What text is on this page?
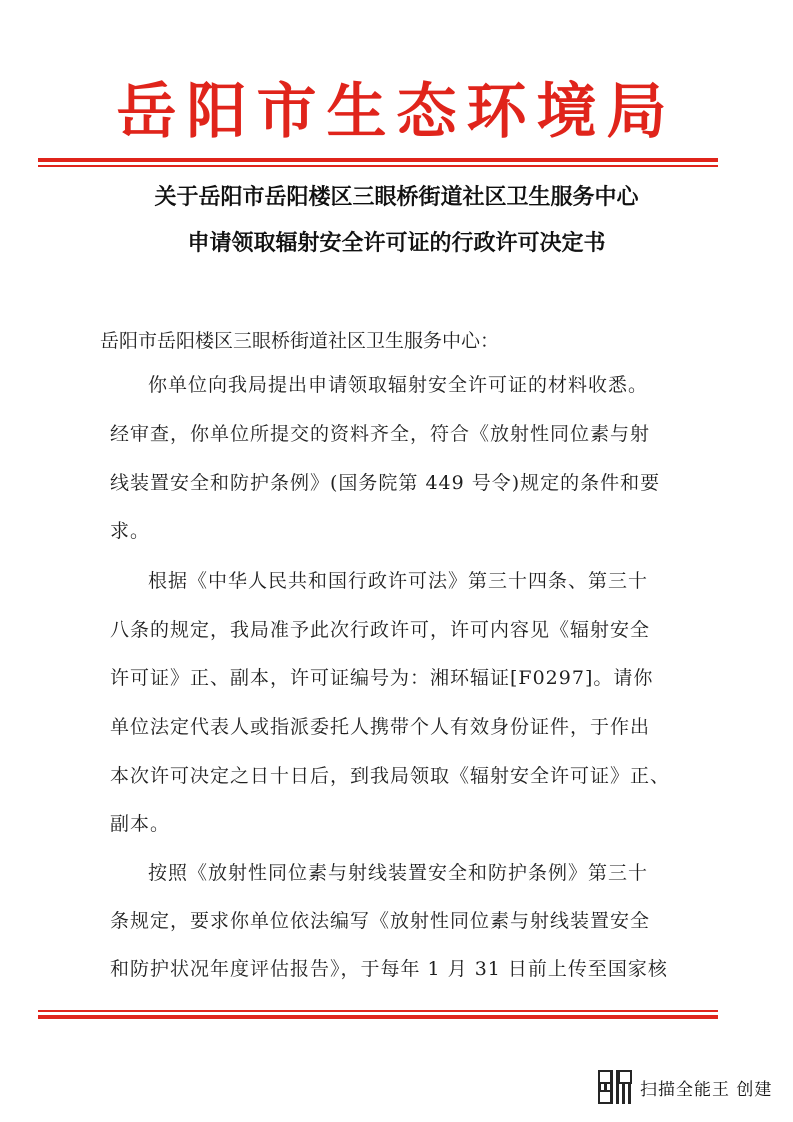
岳阳市生态环境局
关于岳阳市岳阳楼区三眼桥街道社区卫生服务中心
申请领取辐射安全许可证的行政许可决定书
岳阳市岳阳楼区三眼桥街道社区卫生服务中心：
你单位向我局提出申请领取辐射安全许可证的材料收悉。
经审查，你单位所提交的资料齐全，符合《放射性同位素与射
线装置安全和防护条例》(国务院第 449 号令)规定的条件和要
求。
根据《中华人民共和国行政许可法》第三十四条、第三十
八条的规定，我局准予此次行政许可，许可内容见《辐射安全
许可证》正、副本，许可证编号为：湘环辐证[F0297]。请你
单位法定代表人或指派委托人携带个人有效身份证件，于作出
本次许可决定之日十日后，到我局领取《辐射安全许可证》正、
副本。
按照《放射性同位素与射线装置安全和防护条例》第三十
条规定，要求你单位依法编写《放射性同位素与射线装置安全
和防护状况年度评估报告》，于每年 1 月 31 日前上传至国家核
扫描全能王 创建
